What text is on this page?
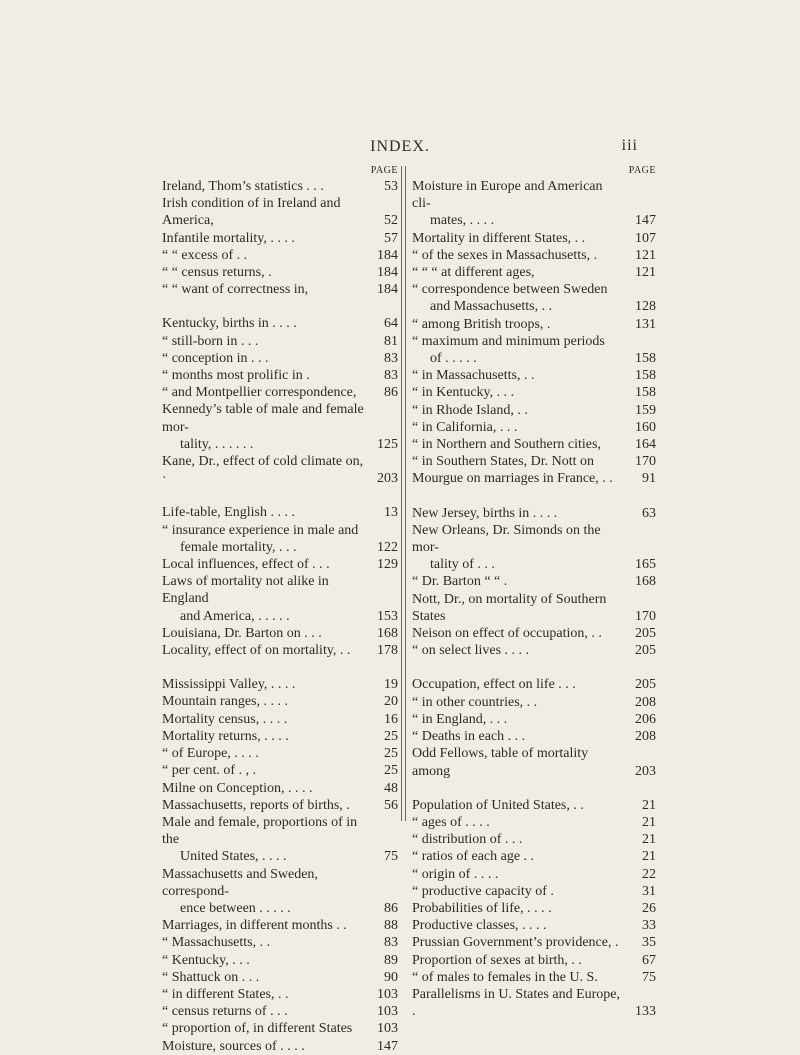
INDEX.	iii
PAGE
Ireland, Thom’s statistics . . .	53
Irish condition of in Ireland and America,	52
Infantile mortality, . . . .	57
“ “ excess of . .	184
“ “ census returns, .	184
“ “ want of correctness in,	184
Kentucky, births in . . . .	64
“ still-born in . . .	81
“ conception in . . .	83
“ months most prolific in .	83
“ and Montpellier correspondence,	86
Kennedy’s table of male and female mor-
tality, . . . . . .	125
Kane, Dr., effect of cold climate on, ·	203
Life-table, English . . . .	13
“ insurance experience in male and
female mortality, . . .	122
Local influences, effect of . . .	129
Laws of mortality not alike in England
and America, . . . . .	153
Louisiana, Dr. Barton on . . .	168
Locality, effect of on mortality, . .	178
Mississippi Valley, . . . .	19
Mountain ranges, . . . .	20
Mortality census, . . . .	16
Mortality returns, . . . .	25
“ of Europe, . . . .	25
“ per cent. of . , .	25
Milne on Conception, . . . .	48
Massachusetts, reports of births, .	56
Male and female, proportions of in the
United States, . . . .	75
Massachusetts and Sweden, correspond-
ence between . . . . .	86
Marriages, in different months . .	88
“ Massachusetts, . .	83
“ Kentucky, . . .	89
“ Shattuck on . . .	90
“ in different States, . .	103
“ census returns of . . .	103
“ proportion of, in different States	103
Moisture, sources of . . . .	147
PAGE
Moisture in Europe and American cli-
mates, . . . .	147
Mortality in different States, . .	107
“ of the sexes in Massachusetts, .	121
“ “ “ at different ages,	121
“ correspondence between Sweden
and Massachusetts, . .	128
“ among British troops, .	131
“ maximum and minimum periods
of . . . . .	158
“ in Massachusetts, . .	158
“ in Kentucky, . . .	158
“ in Rhode Island, . .	159
“ in California, . . .	160
“ in Northern and Southern cities,	164
“ in Southern States, Dr. Nott on	170
Mourgue on marriages in France, . .	91
New Jersey, births in . . . .	63
New Orleans, Dr. Simonds on the mor-
tality of . . .	165
“ Dr. Barton “ “ .	168
Nott, Dr., on mortality of Southern States	170
Neison on effect of occupation, . .	205
“ on select lives . . . .	205
Occupation, effect on life . . .	205
“ in other countries, . .	208
“ in England, . . .	206
“ Deaths in each . . .	208
Odd Fellows, table of mortality among	203
Population of United States, . .	21
“ ages of . . . .	21
“ distribution of . . .	21
“ ratios of each age . .	21
“ origin of . . . .	22
“ productive capacity of .	31
Probabilities of life, . . . .	26
Productive classes, . . . .	33
Prussian Government’s providence, .	35
Proportion of sexes at birth, . .	67
“ of males to females in the U. S.	75
Parallelisms in U. States and Europe, .	133
